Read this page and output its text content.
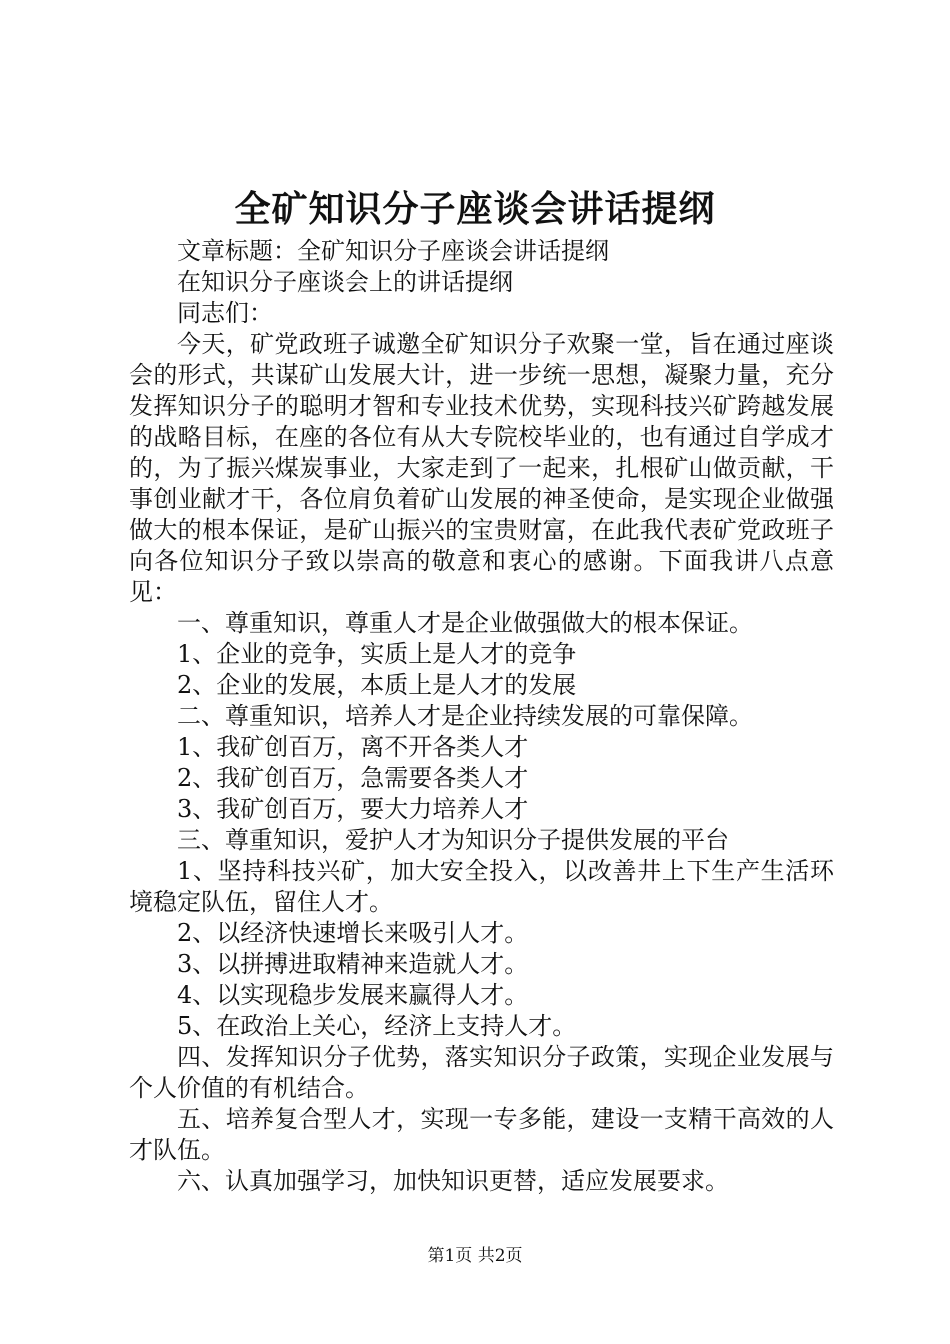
全矿知识分子座谈会讲话提纲

文章标题：全矿知识分子座谈会讲话提纲

在知识分子座谈会上的讲话提纲

同志们：

今天，矿党政班子诚邀全矿知识分子欢聚一堂，旨在通过座谈会的形式，共谋矿山发展大计，进一步统一思想，凝聚力量，充分发挥知识分子的聪明才智和专业技术优势，实现科技兴矿跨越发展的战略目标，在座的各位有从大专院校毕业的，也有通过自学成才的，为了振兴煤炭事业，大家走到了一起来，扎根矿山做贡献，干事创业献才干，各位肩负着矿山发展的神圣使命，是实现企业做强做大的根本保证，是矿山振兴的宝贵财富，在此我代表矿党政班子向各位知识分子致以崇高的敬意和衷心的感谢。下面我讲八点意见：

一、尊重知识，尊重人才是企业做强做大的根本保证。

1、企业的竞争，实质上是人才的竞争

2、企业的发展，本质上是人才的发展

二、尊重知识，培养人才是企业持续发展的可靠保障。

1、我矿创百万，离不开各类人才

2、我矿创百万，急需要各类人才

3、我矿创百万，要大力培养人才

三、尊重知识，爱护人才为知识分子提供发展的平台

1、坚持科技兴矿，加大安全投入，以改善井上下生产生活环境稳定队伍，留住人才。

2、以经济快速增长来吸引人才。

3、以拼搏进取精神来造就人才。

4、以实现稳步发展来赢得人才。

5、在政治上关心，经济上支持人才。

四、发挥知识分子优势，落实知识分子政策，实现企业发展与个人价值的有机结合。

五、培养复合型人才，实现一专多能，建设一支精干高效的人才队伍。

六、认真加强学习，加快知识更替，适应发展要求。

第1页 共2页
